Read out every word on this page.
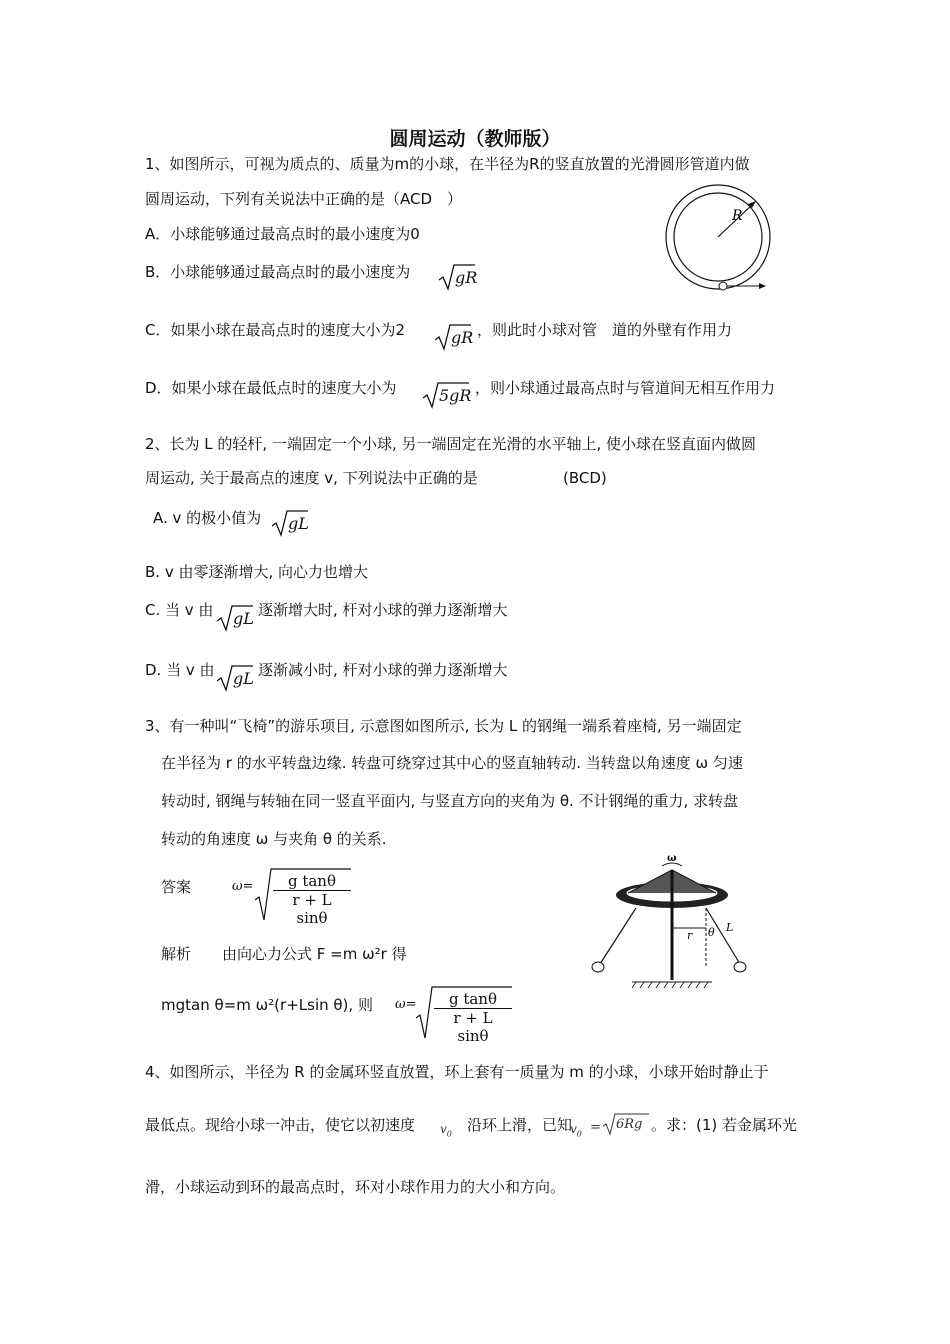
圆周运动（教师版）
1、如图所示，可视为质点的、质量为m的小球，在半径为R的竖直放置的光滑圆形管道内做
圆周运动，下列有关说法中正确的是（ACD　）
A．小球能够通过最高点时的最小速度为0
B．小球能够通过最高点时的最小速度为	gR
C．如果小球在最高点时的速度大小为2	gR ，则此时小球对管　道的外壁有作用力
D．如果小球在最低点时的速度大小为	5gR ，则小球通过最高点时与管道间无相互作用力
R
2、长为 L 的轻杆, 一端固定一个小球, 另一端固定在光滑的水平轴上, 使小球在竖直面内做圆
周运动, 关于最高点的速度 v, 下列说法中正确的是	(BCD)
A. v 的极小值为 gL
B. v 由零逐渐增大, 向心力也增大
C. 当 v 由 gL 逐渐增大时, 杆对小球的弹力逐渐增大
D. 当 v 由 gL 逐渐减小时, 杆对小球的弹力逐渐增大
3、有一种叫“飞椅”的游乐项目, 示意图如图所示, 长为 L 的钢绳一端系着座椅, 另一端固定
在半径为 r 的水平转盘边缘. 转盘可绕穿过其中心的竖直轴转动. 当转盘以角速度 ω 匀速
转动时, 钢绳与转轴在同一竖直平面内, 与竖直方向的夹角为 θ. 不计钢绳的重力, 求转盘
转动的角速度 ω 与夹角 θ 的关系.
答案	$\omega= \frac{\text{g tanθ}}{\text{r + L sinθ}}$
解析 由向心力公式 F =m ω²r 得
mgtan θ=m ω²(r+Lsin θ), 则 $\omega= \frac{\text{g tanθ}}{\text{r + L sinθ}}$
ω
r θ L
4、如图所示，半径为 R 的金属环竖直放置，环上套有一质量为 m 的小球，小球开始时静止于
最低点。现给小球一冲击，使它以初速度 $v_0$ 沿环上滑，已知
$v_0 = 6Rg$ 。求：(1) 若金属环光
滑，小球运动到环的最高点时，环对小球作用力的大小和方向。
